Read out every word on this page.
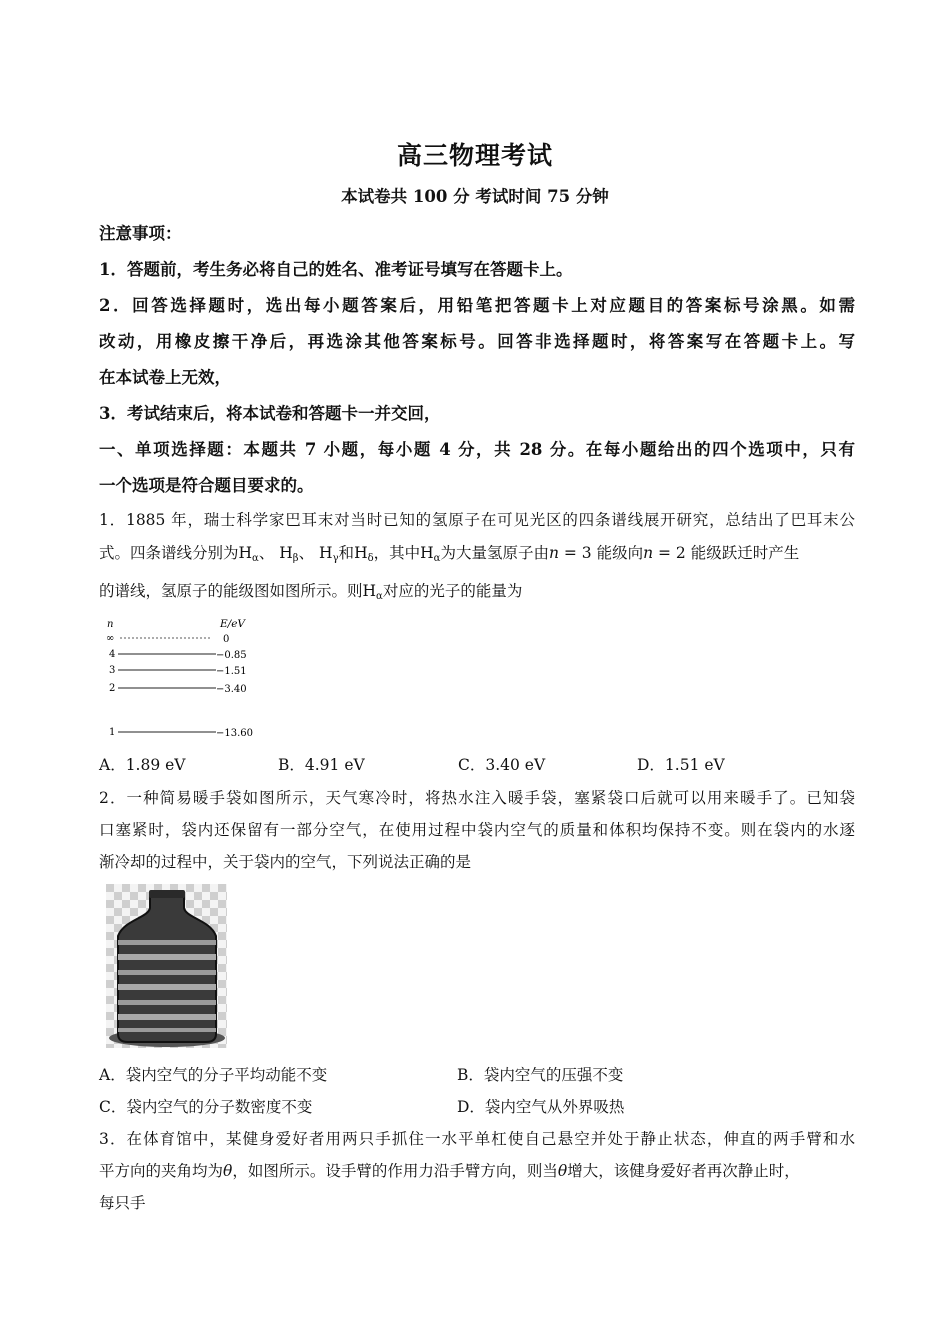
高三物理考试
本试卷共 100 分 考试时间 75 分钟
注意事项：
1．答题前，考生务必将自己的姓名、准考证号填写在答题卡上。
2．回答选择题时，选出每小题答案后，用铅笔把答题卡上对应题目的答案标号涂黑。如需
改动，用橡皮擦干净后，再选涂其他答案标号。回答非选择题时，将答案写在答题卡上。写
在本试卷上无效，
3．考试结束后，将本试卷和答题卡一并交回，
一、单项选择题：本题共 7 小题，每小题 4 分，共 28 分。在每小题给出的四个选项中，只有
一个选项是符合题目要求的。
1．1885 年，瑞士科学家巴耳末对当时已知的氢原子在可见光区的四条谱线展开研究，总结出了巴耳末公
式。四条谱线分别为$H_\alpha$、 $H_\beta$、 $H_\gamma$和$H_\delta$，其中$H_\alpha$为大量氢原子由n = 3 能级向n = 2 能级跃迁时产生
的谱线，氢原子的能级图如图所示。则$H_\alpha$对应的光子的能量为
n	E/eV
∞	0
4	−0.85
3	−1.51
2	−3.40
1	−13.60
A．1.89 eV	B．4.91 eV	C．3.40 eV	D．1.51 eV
2．一种简易暖手袋如图所示，天气寒冷时，将热水注入暖手袋，塞紧袋口后就可以用来暖手了。已知袋
口塞紧时，袋内还保留有一部分空气，在使用过程中袋内空气的质量和体积均保持不变。则在袋内的水逐
渐冷却的过程中，关于袋内的空气，下列说法正确的是
A．袋内空气的分子平均动能不变	B．袋内空气的压强不变
C．袋内空气的分子数密度不变	D．袋内空气从外界吸热
3．在体育馆中，某健身爱好者用两只手抓住一水平单杠使自己悬空并处于静止状态，伸直的两手臂和水
平方向的夹角均为θ，如图所示。设手臂的作用力沿手臂方向，则当θ增大，该健身爱好者再次静止时，
每只手
